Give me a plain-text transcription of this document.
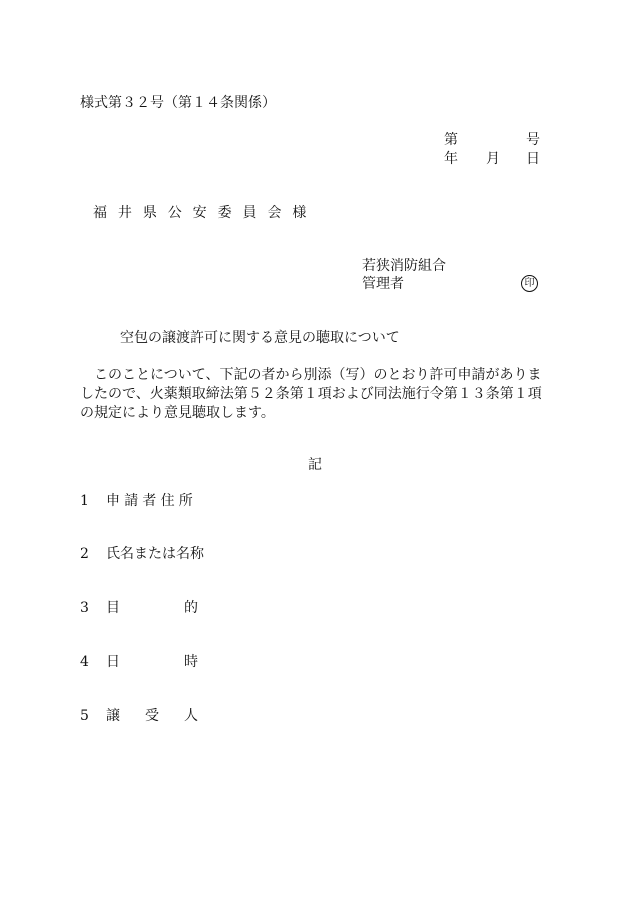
様式第３２号（第１４条関係）
第	号
年 月 日
福井県公安委員会様
若狭消防組合
管理者	印
空包の譲渡許可に関する意見の聴取について
このことについて、下記の者から別添（写）のとおり許可申請がありましたので、火薬類取締法第５２条第１項および同法施行令第１３条第１項の規定により意見聴取します。
記
1 申請者住所
2 氏名または名称
3 目	的
4 日	時
5 譲 受 人
